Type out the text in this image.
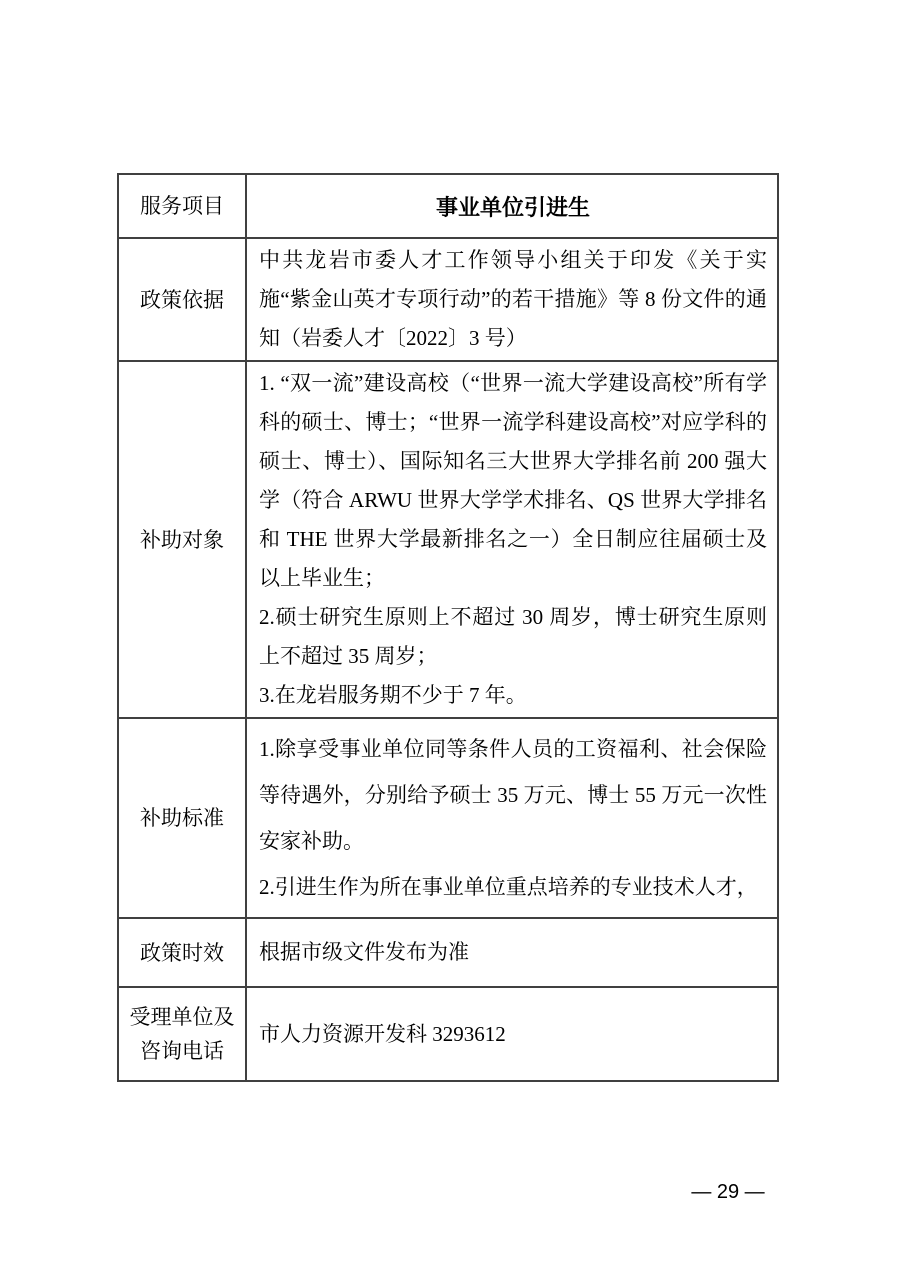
服务项目	事业单位引进生
政策依据	中共龙岩市委人才工作领导小组关于印发《关于实施“紫金山英才专项行动”的若干措施》等 8 份文件的通知（岩委人才〔2022〕3 号）

补助对象	1. “双一流”建设高校（“世界一流大学建设高校”所有学科的硕士、博士；“世界一流学科建设高校”对应学科的硕士、博士）、国际知名三大世界大学排名前 200 强大学（符合 ARWU 世界大学学术排名、QS 世界大学排名和 THE 世界大学最新排名之一）全日制应往届硕士及以上毕业生；

2.硕士研究生原则上不超过 30 周岁，博士研究生原则上不超过 35 周岁；

3.在龙岩服务期不少于 7 年。

补助标准	1.除享受事业单位同等条件人员的工资福利、社会保险等待遇外，分别给予硕士 35 万元、博士 55 万元一次性安家补助。

2.引进生作为所在事业单位重点培养的专业技术人才，

政策时效	根据市级文件发布为准

受理单位及咨询电话	市人力资源开发科 3293612

— 29 —
